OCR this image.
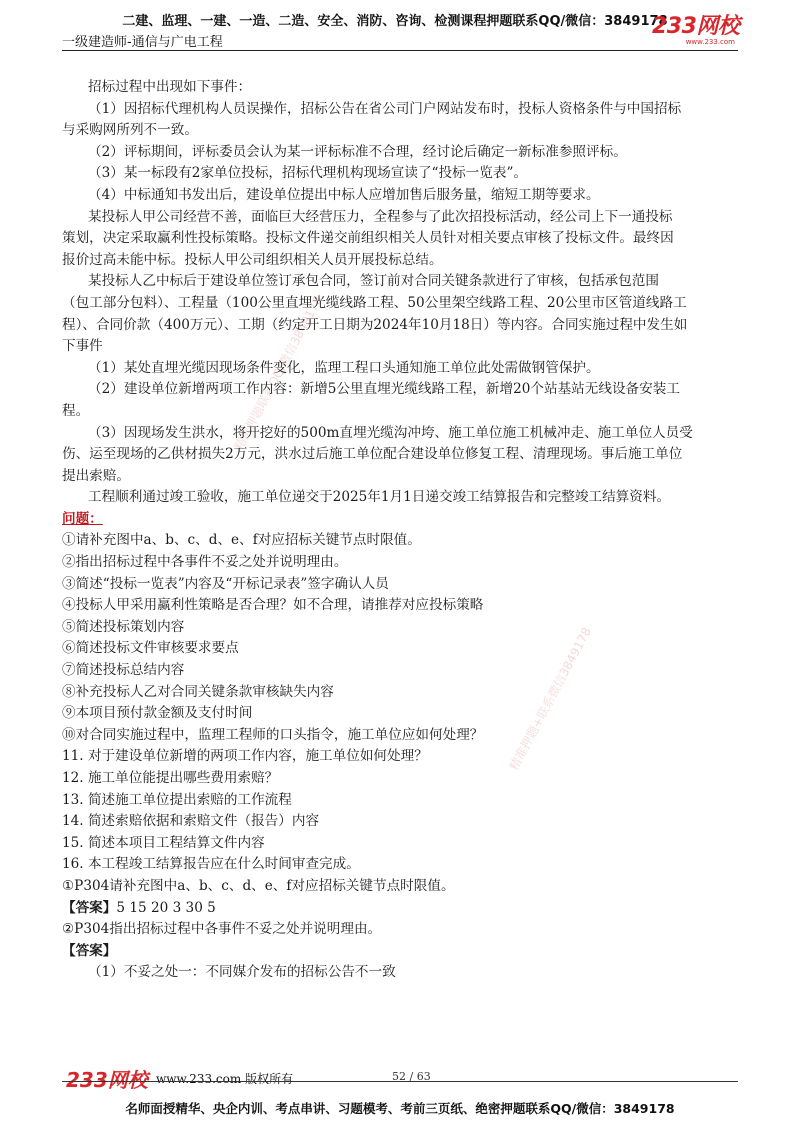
二建、监理、一建、一造、二造、安全、消防、咨询、检测课程押题联系QQ/微信：3849178
一级建造师-通信与广电工程
233网校
www.233.com
精准押题联系QQ/微信3849178
精准押题+联系微信3849178
招标过程中出现如下事件：
（1）因招标代理机构人员误操作，招标公告在省公司门户网站发布时，投标人资格条件与中国招标
与采购网所列不一致。
（2）评标期间，评标委员会认为某一评标标准不合理，经讨论后确定一新标准参照评标。
（3）某一标段有2家单位投标，招标代理机构现场宣读了“投标一览表”。
（4）中标通知书发出后，建设单位提出中标人应增加售后服务量，缩短工期等要求。
某投标人甲公司经营不善，面临巨大经营压力，全程参与了此次招投标活动，经公司上下一通投标
策划，决定采取赢利性投标策略。投标文件递交前组织相关人员针对相关要点审核了投标文件。最终因
报价过高未能中标。投标人甲公司组织相关人员开展投标总结。
某投标人乙中标后于建设单位签订承包合同，签订前对合同关键条款进行了审核，包括承包范围
（包工部分包料）、工程量（100公里直埋光缆线路工程、50公里架空线路工程、20公里市区管道线路工
程）、合同价款（400万元）、工期（约定开工日期为2024年10月18日）等内容。合同实施过程中发生如
下事件
（1）某处直埋光缆因现场条件变化，监理工程口头通知施工单位此处需做钢管保护。
（2）建设单位新增两项工作内容：新增5公里直埋光缆线路工程，新增20个站基站无线设备安装工
程。
（3）因现场发生洪水，将开挖好的500m直埋光缆沟冲垮、施工单位施工机械冲走、施工单位人员受
伤、运至现场的乙供材损失2万元，洪水过后施工单位配合建设单位修复工程、清理现场。事后施工单位
提出索赔。
工程顺利通过竣工验收，施工单位递交于2025年1月1日递交竣工结算报告和完整竣工结算资料。
问题：
①请补充图中a、b、c、d、e、f对应招标关键节点时限值。
②指出招标过程中各事件不妥之处并说明理由。
③简述“投标一览表”内容及“开标记录表”签字确认人员
④投标人甲采用赢利性策略是否合理？如不合理，请推荐对应投标策略
⑤简述投标策划内容
⑥简述投标文件审核要求要点
⑦简述投标总结内容
⑧补充投标人乙对合同关键条款审核缺失内容
⑨本项目预付款金额及支付时间
⑩对合同实施过程中，监理工程师的口头指令，施工单位应如何处理？
11. 对于建设单位新增的两项工作内容，施工单位如何处理？
12. 施工单位能提出哪些费用索赔？
13. 简述施工单位提出索赔的工作流程
14. 简述索赔依据和索赔文件（报告）内容
15. 简述本项目工程结算文件内容
16. 本工程竣工结算报告应在什么时间审查完成。
①P304请补充图中a、b、c、d、e、f对应招标关键节点时限值。
【答案】5 15 20 3 30 5
②P304指出招标过程中各事件不妥之处并说明理由。
【答案】
（1）不妥之处一：不同媒介发布的招标公告不一致
233网校 www.233.com 版权所有	52 / 63
名师面授精华、央企内训、考点串讲、习题模考、考前三页纸、绝密押题联系QQ/微信：3849178
